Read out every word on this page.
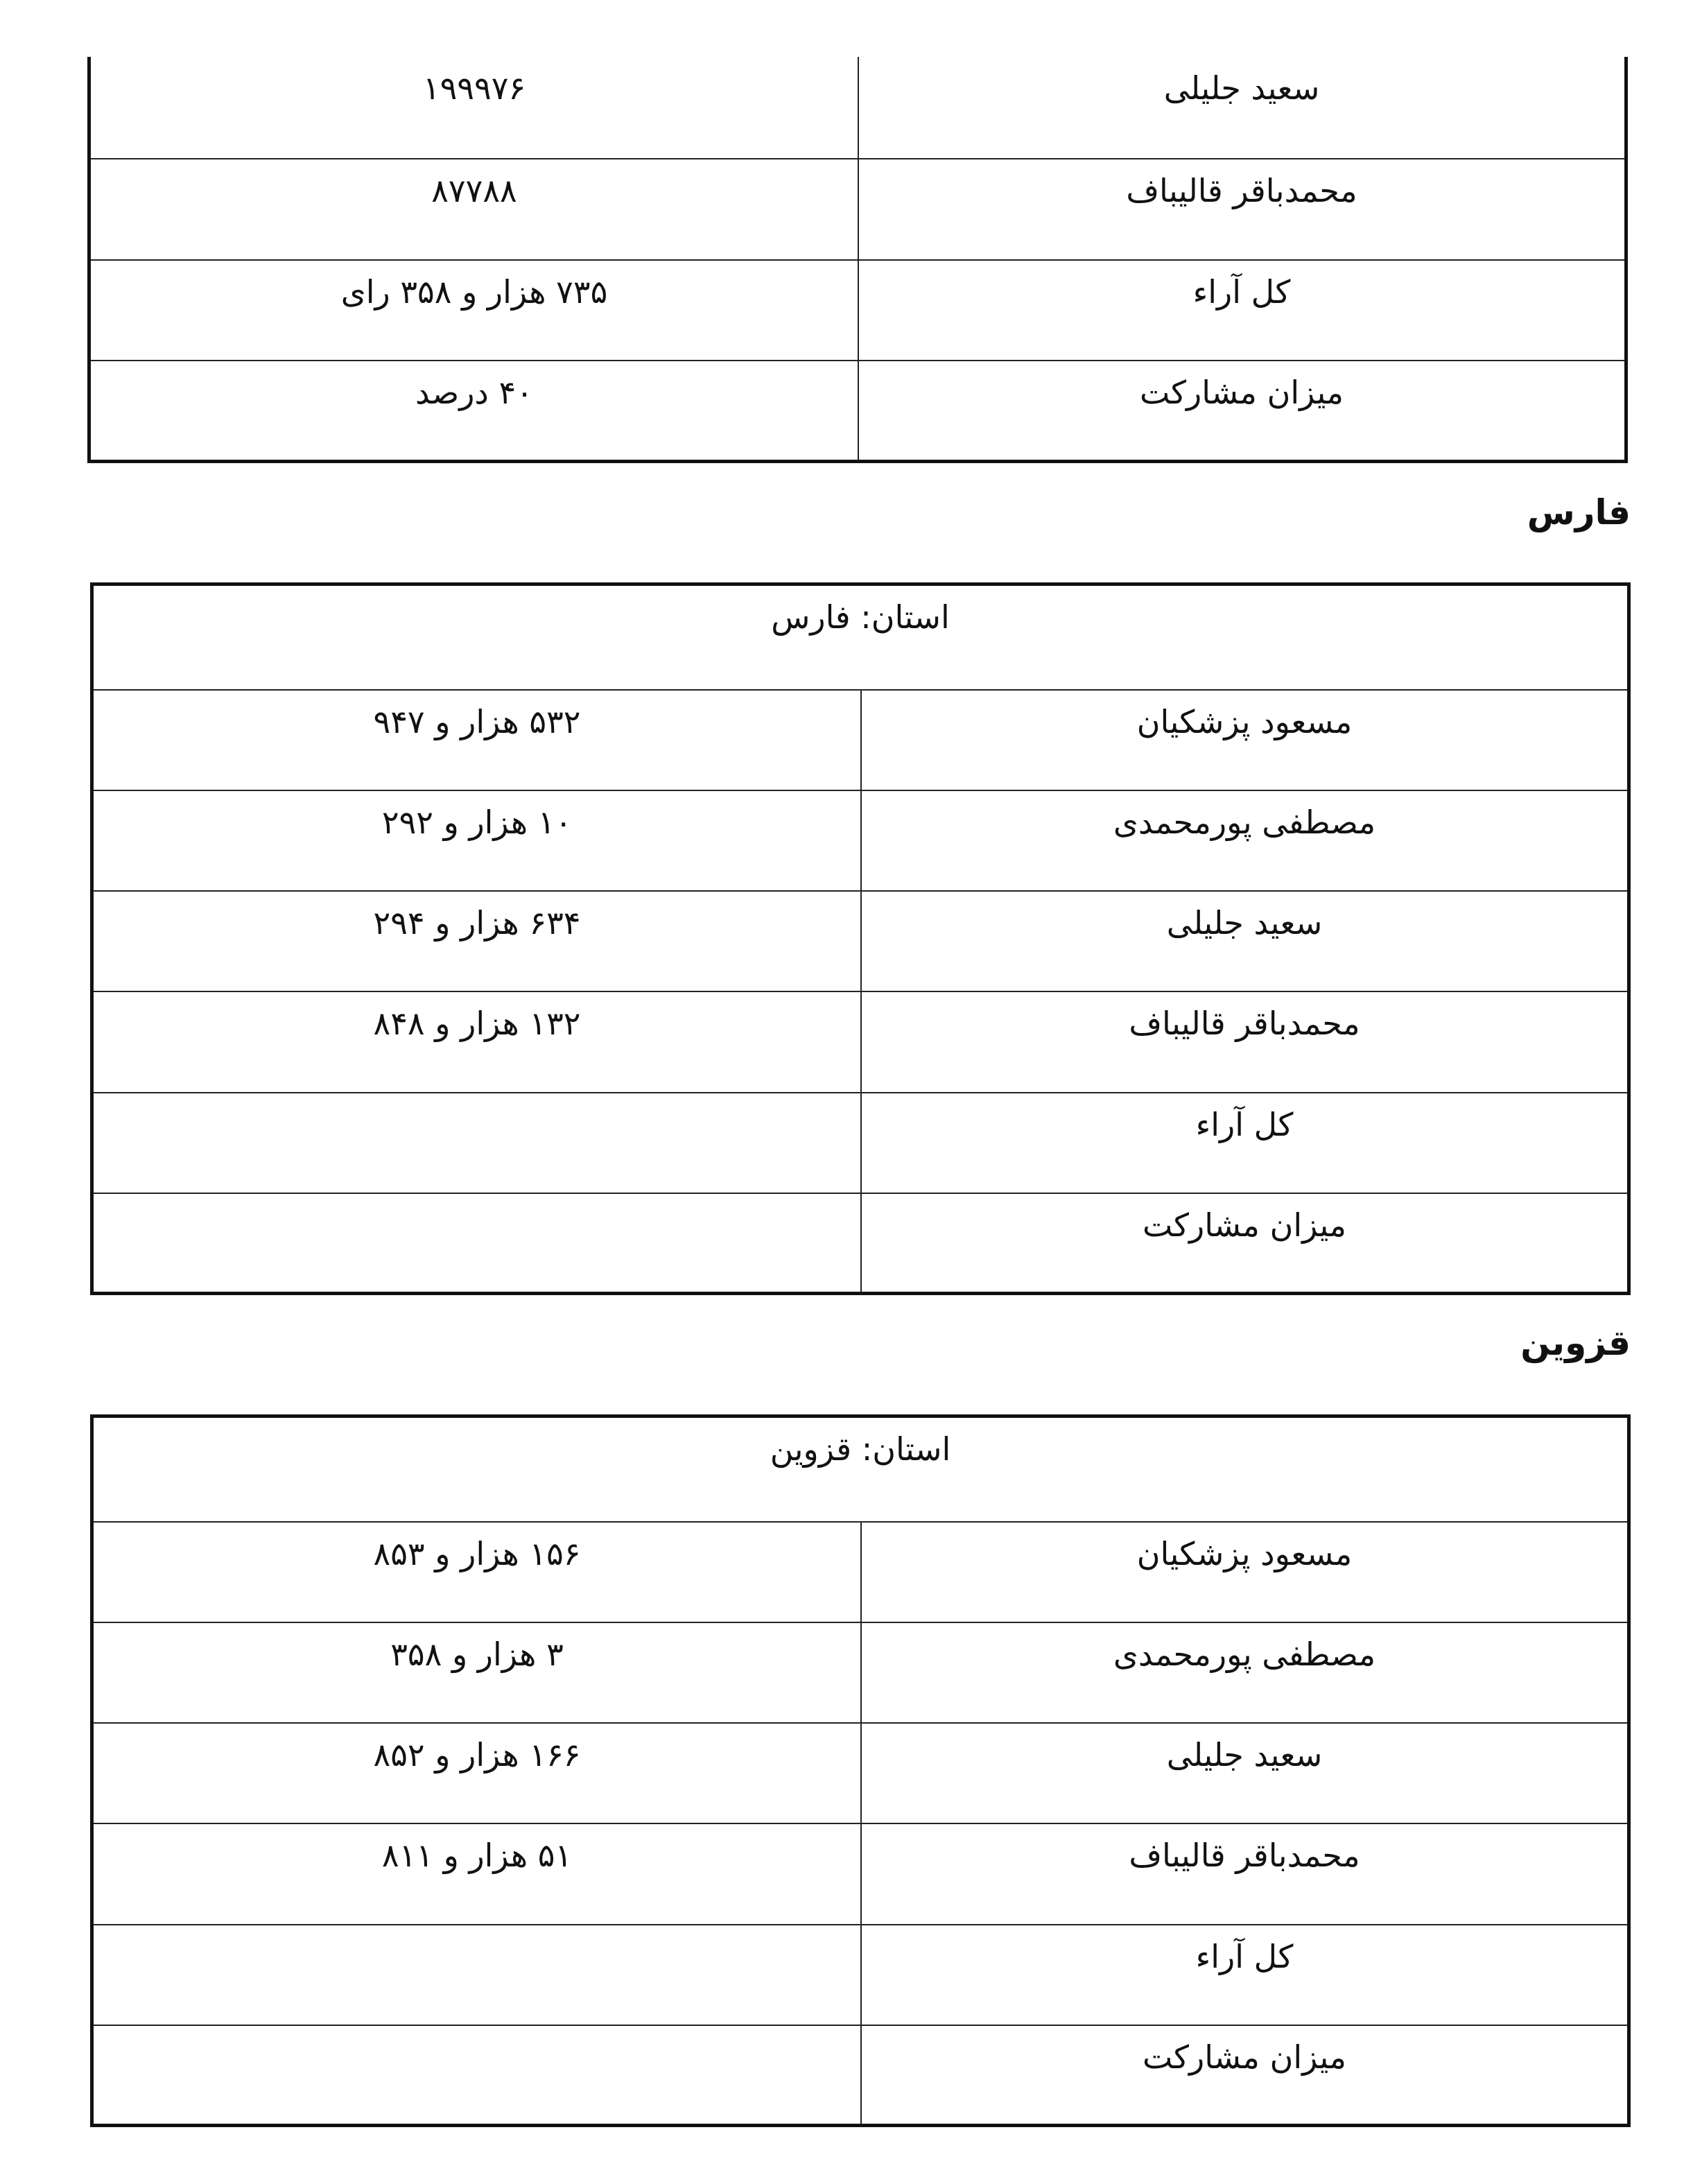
سعید جلیلی
۱۹۹۹۷۶
محمدباقر قالیباف
۸۷۷۸۸
کل آراء
۷۳۵ هزار و ۳۵۸ رای
میزان مشارکت
۴۰ درصد
فارس
استان: فارس
مسعود پزشکیان
۵۳۲ هزار و ۹۴۷
مصطفی پورمحمدی
۱۰ هزار و ۲۹۲
سعید جلیلی
۶۳۴ هزار و ۲۹۴
محمدباقر قالیباف
۱۳۲ هزار و ۸۴۸
کل آراء
میزان مشارکت
قزوین
استان: قزوین
مسعود پزشکیان
۱۵۶ هزار و ۸۵۳
مصطفی پورمحمدی
۳ هزار و ۳۵۸
سعید جلیلی
۱۶۶ هزار و ۸۵۲
محمدباقر قالیباف
۵۱ هزار و ۸۱۱
کل آراء
میزان مشارکت
